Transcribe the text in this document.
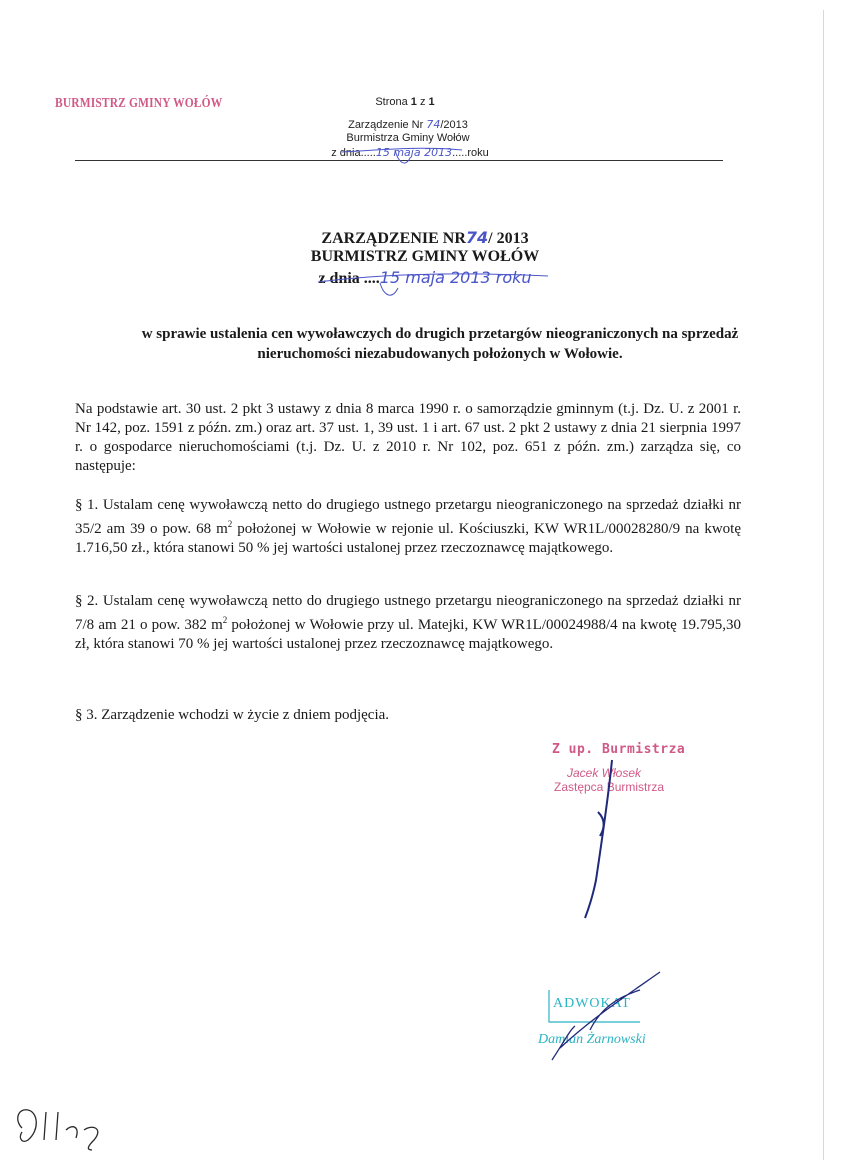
BURMISTRZ GMINY WOŁÓW	Strona 1 z 1
Zarządzenie Nr 74/2013
Burmistrza Gminy Wołów
z dnia.....15 maja 2013.....roku
ZARZĄDZENIE NR74/ 2013
BURMISTRZ GMINY WOŁÓW
z dnia ....15 maja 2013 roku
w sprawie ustalenia cen wywoławczych do drugich przetargów nieograniczonych na sprzedaż nieruchomości niezabudowanych położonych w Wołowie.
Na podstawie art. 30 ust. 2 pkt 3 ustawy z dnia 8 marca 1990 r. o samorządzie gminnym (t.j. Dz. U. z 2001 r. Nr 142, poz. 1591 z późn. zm.) oraz art. 37 ust. 1, 39 ust. 1 i art. 67 ust. 2 pkt 2 ustawy z dnia 21 sierpnia 1997 r. o gospodarce nieruchomościami (t.j. Dz. U. z 2010 r. Nr 102, poz. 651 z późn. zm.) zarządza się, co następuje:
§ 1. Ustalam cenę wywoławczą netto do drugiego ustnego przetargu nieograniczonego na sprzedaż działki nr 35/2 am 39 o pow. 68 $m^2$ położonej w Wołowie w rejonie ul. Kościuszki, KW WR1L/00028280/9 na kwotę 1.716,50 zł., która stanowi 50 % jej wartości ustalonej przez rzeczoznawcę majątkowego.
§ 2. Ustalam cenę wywoławczą netto do drugiego ustnego przetargu nieograniczonego na sprzedaż działki nr 7/8 am 21 o pow. 382 $m^2$ położonej w Wołowie przy ul. Matejki, KW WR1L/00024988/4 na kwotę 19.795,30 zł, która stanowi 70 % jej wartości ustalonej przez rzeczoznawcę majątkowego.
§ 3. Zarządzenie wchodzi w życie z dniem podjęcia.
Z up. Burmistrza
Jacek Włosek
Zastępca Burmistrza
ADWOKAT
Damian Żarnowski
